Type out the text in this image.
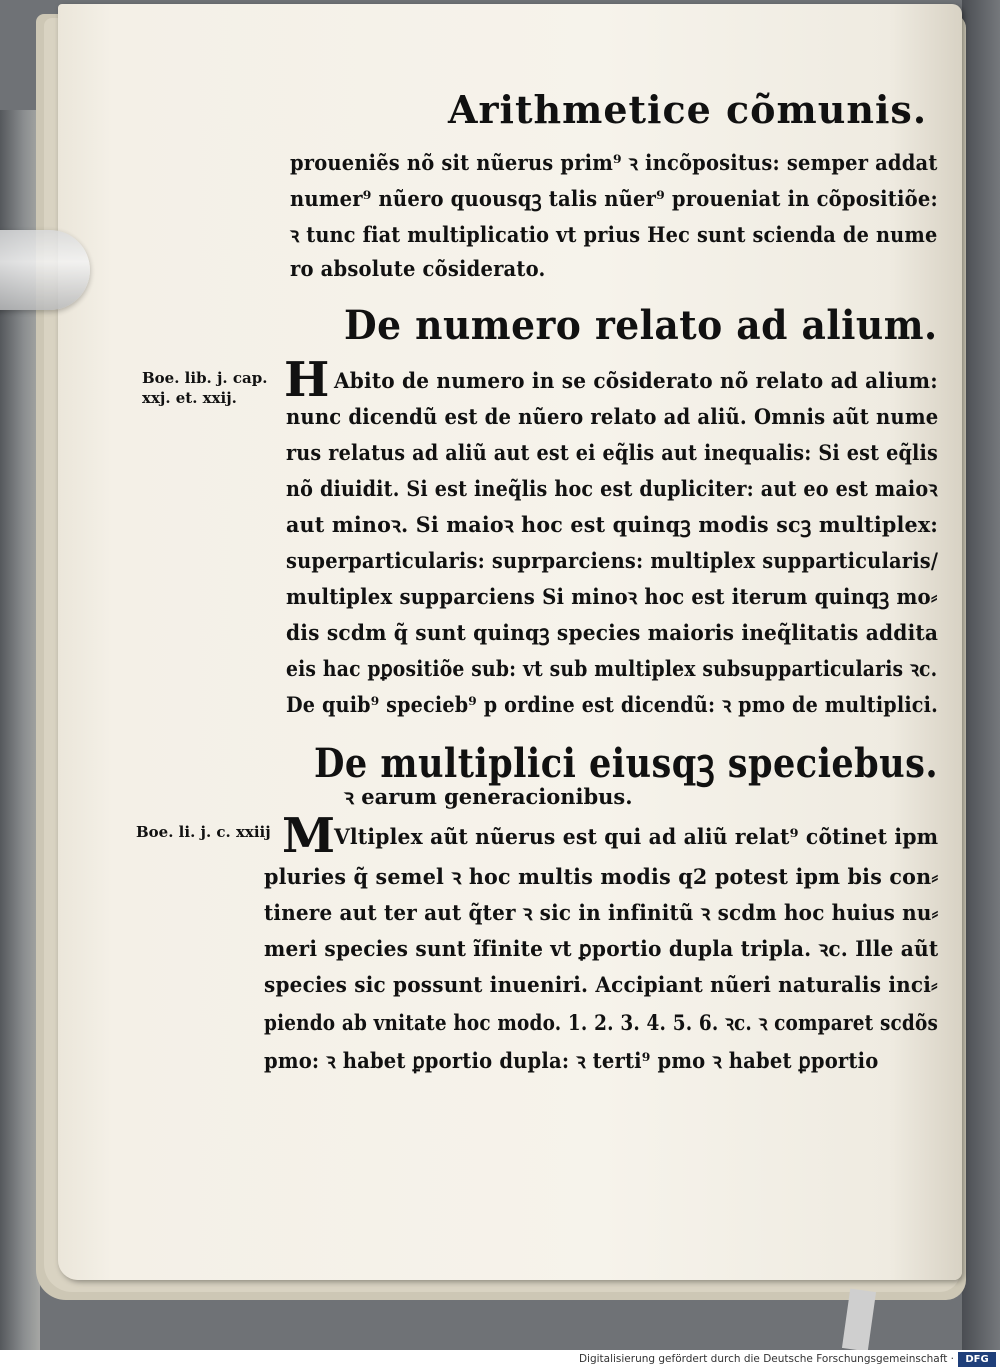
Arithmetice cõmunis.
proueniẽs nõ sit nũerus prim⁹ ꝛ incõpositus: semper addat
numer⁹ nũero quousqꝫ talis nũer⁹ proueniat in cõpositiõe:
ꝛ tunc fiat multiplicatio vt prius Hec sunt scienda de nume
ro absolute cõsiderato.
De numero relato ad alium.
Boe. lib. j. cap.
xxj. et. xxij. H Abito de numero in se cõsiderato nõ relato ad alium:
nunc dicendũ est de nũero relato ad aliũ. Omnis aũt nume
rus relatus ad aliũ aut est ei eq̃lis aut inequalis: Si est eq̃lis
nõ diuidit. Si est ineq̃lis hoc est dupliciter: aut eo est maioꝛ
aut minoꝛ. Si maioꝛ hoc est quinqꝫ modis scꝫ multiplex:
superparticularis: suprparciens: multiplex supparticularis/
multiplex supparciens Si minoꝛ hoc est iterum quinqꝫ mo⸗
dis scdm q̃ sunt quinqꝫ species maioris ineq̃litatis addita
eis hac pꝑositiõe sub: vt sub multiplex subsupparticularis ꝛc.
De quib⁹ specieb⁹ p ordine est dicendũ: ꝛ pmo de multiplici.
De multiplici eiusqꝫ speciebus.
ꝛ earum generacionibus.
Boe. li. j. c. xxiij M
Vltiplex aũt nũerus est qui ad aliũ relat⁹ cõtinet ipm
pluries q̃ semel ꝛ hoc multis modis q2 potest ipm bis con⸗
tinere aut ter aut q̃ter ꝛ sic in infinitũ ꝛ scdm hoc huius nu⸗
meri species sunt ĩfinite vt ꝑportio dupla tripla. ꝛc. Ille aũt
species sic possunt inueniri. Accipiant nũeri naturalis inci⸗
piendo ab vnitate hoc modo. 1. 2. 3. 4. 5. 6. ꝛc. ꝛ comparet scdõs
pmo: ꝛ habet ꝑportio dupla: ꝛ terti⁹ pmo ꝛ habet ꝑportio
Digitalisierung gefördert durch die Deutsche Forschungsgemeinschaft ·	DFG
